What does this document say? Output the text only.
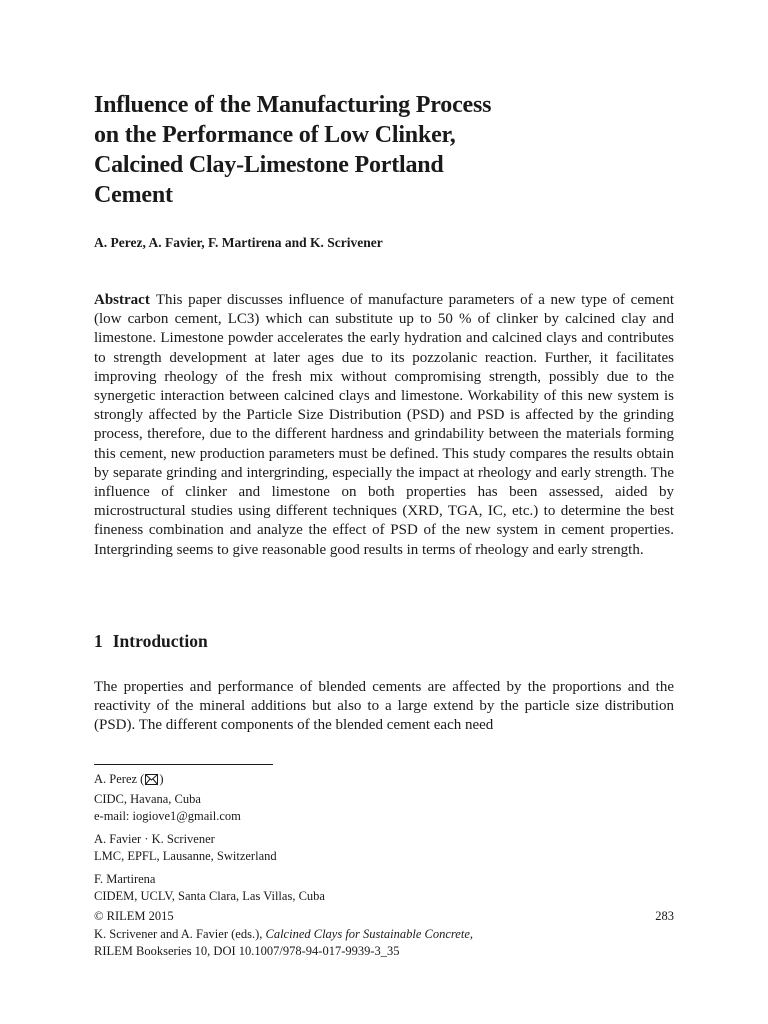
Influence of the Manufacturing Process
on the Performance of Low Clinker,
Calcined Clay-Limestone Portland
Cement

A. Perez, A. Favier, F. Martirena and K. Scrivener

Abstract This paper discusses influence of manufacture parameters of a new type of cement (low carbon cement, LC3) which can substitute up to 50 % of clinker by calcined clay and limestone. Limestone powder accelerates the early hydration and calcined clays and contributes to strength development at later ages due to its pozzolanic reaction. Further, it facilitates improving rheology of the fresh mix without compromising strength, possibly due to the synergetic interaction between calcined clays and limestone. Workability of this new system is strongly affected by the Particle Size Distribution (PSD) and PSD is affected by the grinding process, therefore, due to the different hardness and grindability between the materials forming this cement, new production parameters must be defined. This study compares the results obtain by separate grinding and intergrinding, especially the impact at rheology and early strength. The influence of clinker and limestone on both properties has been assessed, aided by microstructural studies using different techniques (XRD, TGA, IC, etc.) to determine the best fineness combination and analyze the effect of PSD of the new system in cement properties. Intergrinding seems to give reasonable good results in terms of rheology and early strength.

1 Introduction

The properties and performance of blended cements are affected by the proportions and the reactivity of the mineral additions but also to a large extend by the particle size distribution (PSD). The different components of the blended cement each need

A. Perez ( )
CIDC, Havana, Cuba
e-mail: iogiove1@gmail.com
A. Favier · K. Scrivener
LMC, EPFL, Lausanne, Switzerland
F. Martirena
CIDEM, UCLV, Santa Clara, Las Villas, Cuba
© RILEM 2015	283
K. Scrivener and A. Favier (eds.), Calcined Clays for Sustainable Concrete,
RILEM Bookseries 10, DOI 10.1007/978-94-017-9939-3_35
